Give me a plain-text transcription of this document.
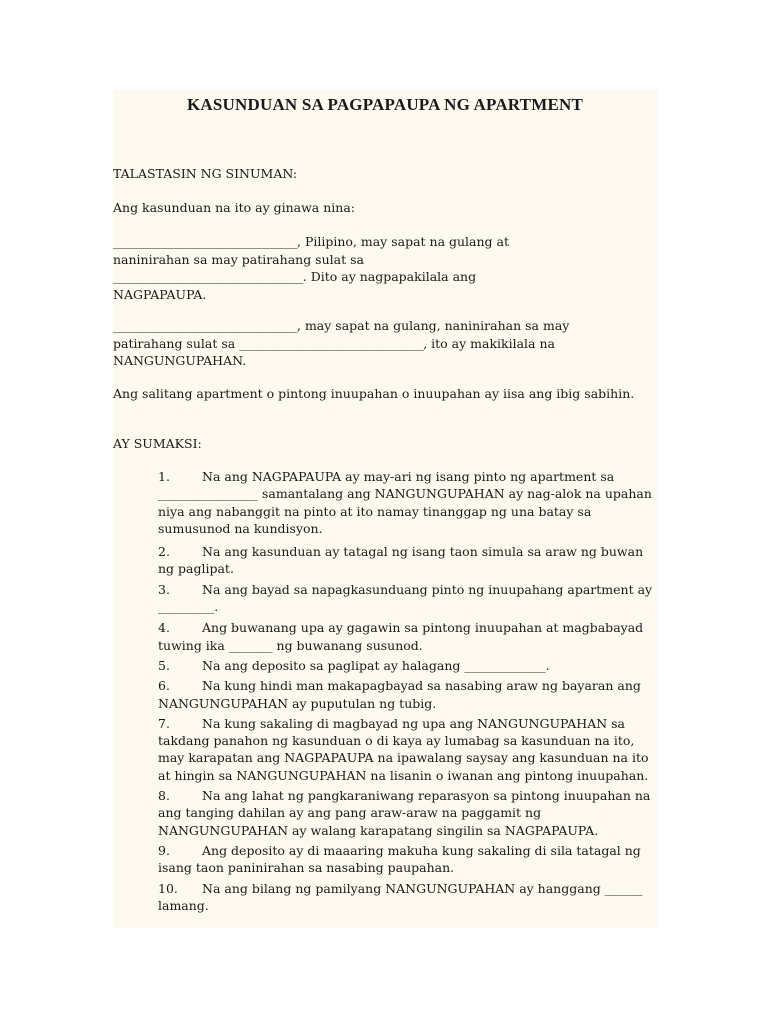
KASUNDUAN SA PAGPAPAUPA NG APARTMENT

TALASTASIN NG SINUMAN:

Ang kasunduan na ito ay ginawa nina:

________________________________, Pilipino, may sapat na gulang at
naninirahan sa may patirahang sulat sa
_________________________________. Dito ay nagpapakilala ang
NAGPAPAUPA.

________________________________, may sapat na gulang, naninirahan sa may
patirahang sulat sa ________________________________, ito ay makikilala na
NANGUNGUPAHAN.

Ang salitang apartment o pintong inuupahan o inuupahan ay iisa ang ibig sabihin.

AY SUMAKSI:

1.	Na ang NAGPAPAUPA ay may-ari ng isang pinto ng apartment sa ________________ samantalang ang NANGUNGUPAHAN ay nag-alok na upahan niya ang nabanggit na pinto at ito namay tinanggap ng una batay sa sumusunod na kundisyon.
2.	Na ang kasunduan ay tatagal ng isang taon simula sa araw ng buwan ng paglipat.
3.	Na ang bayad sa napagkasunduang pinto ng inuupahang apartment ay _________.
4.	Ang buwanang upa ay gagawin sa pintong inuupahan at magbabayad tuwing ika _______ ng buwanang susunod.
5.	Na ang deposito sa paglipat ay halagang _____________.
6.	Na kung hindi man makapagbayad sa nasabing araw ng bayaran ang NANGUNGUPAHAN ay puputulan ng tubig.
7.	Na kung sakaling di magbayad ng upa ang NANGUNGUPAHAN sa takdang panahon ng kasunduan o di kaya ay lumabag sa kasunduan na ito, may karapatan ang NAGPAPAUPA na ipawalang saysay ang kasunduan na ito at hingin sa NANGUNGUPAHAN na lisanin o iwanan ang pintong inuupahan.
8.	Na ang lahat ng pangkaraniwang reparasyon sa pintong inuupahan na ang tanging dahilan ay ang pang araw-araw na paggamit ng NANGUNGUPAHAN ay walang karapatang singilin sa NAGPAPAUPA.
9.	Ang deposito ay di maaaring makuha kung sakaling di sila tatagal ng isang taon paninirahan sa nasabing paupahan.
10. Na ang bilang ng pamilyang NANGUNGUPAHAN ay hanggang ______ lamang.
